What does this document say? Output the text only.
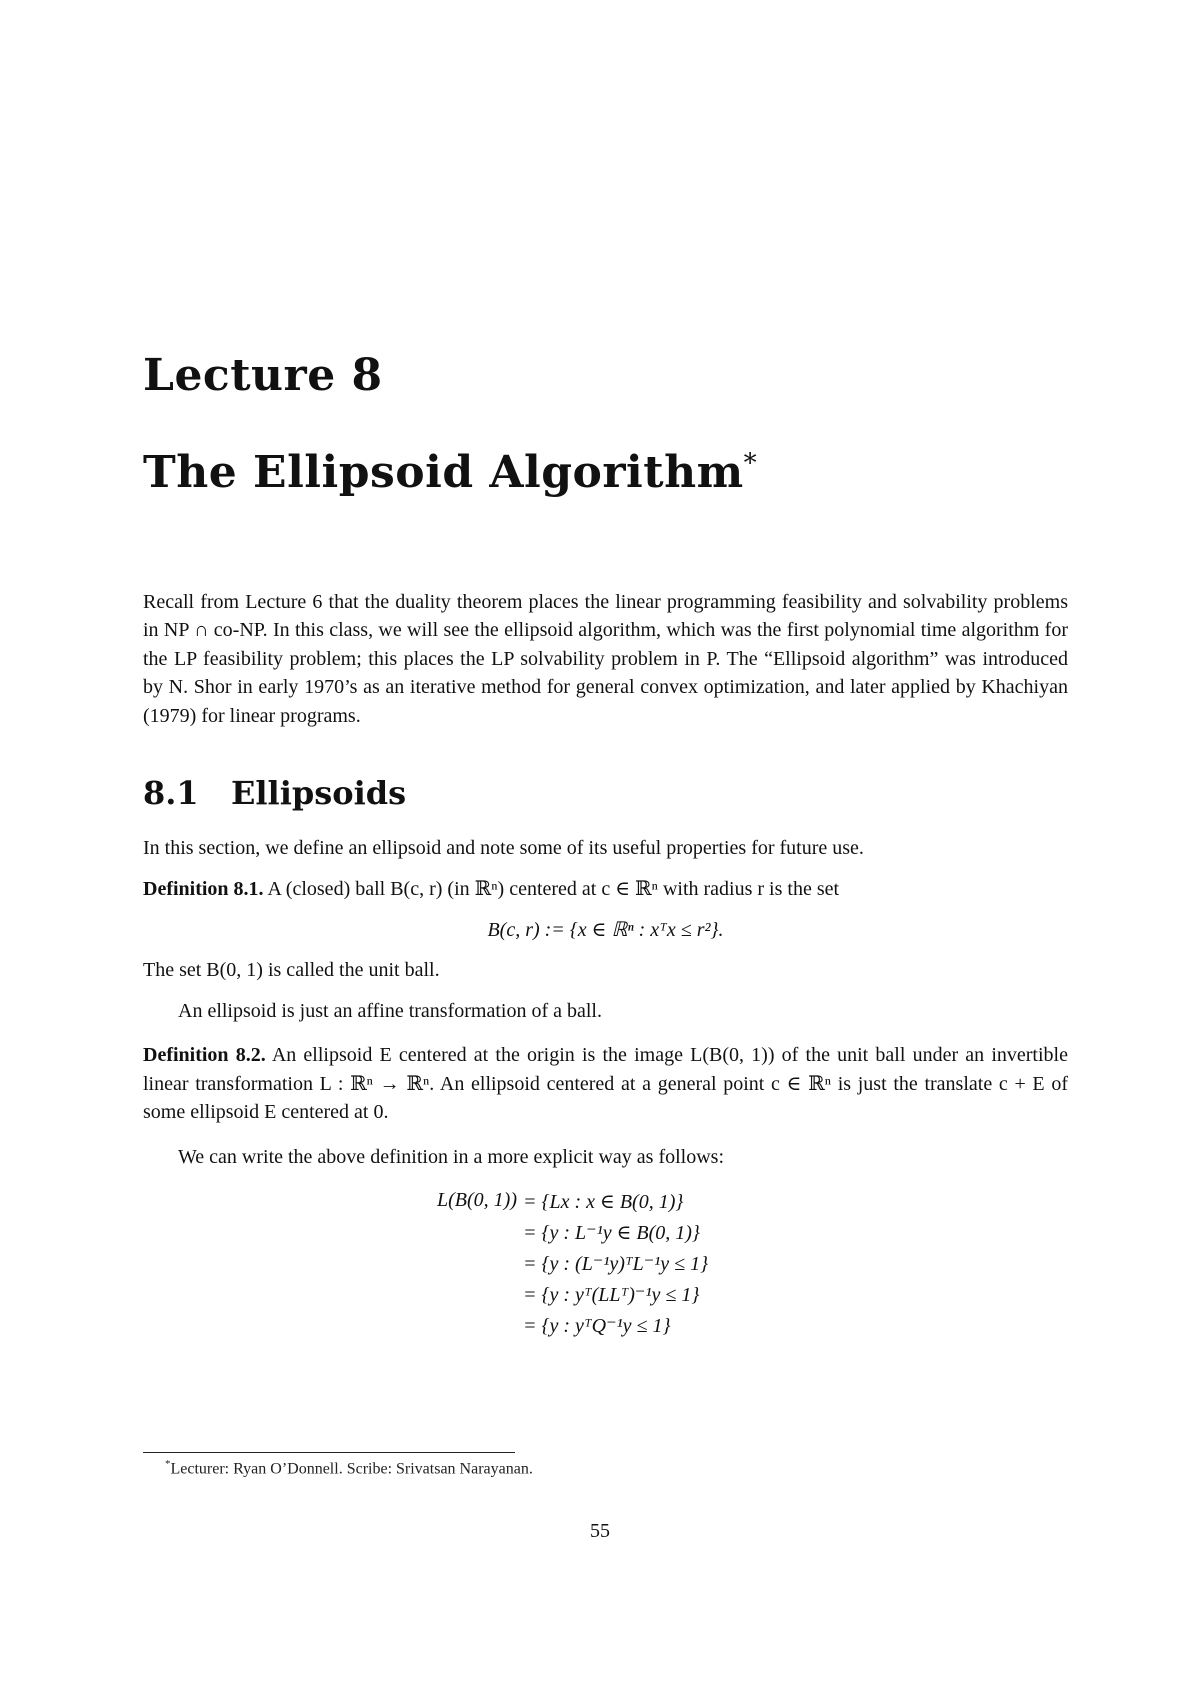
Lecture 8
The Ellipsoid Algorithm*

Recall from Lecture 6 that the duality theorem places the linear programming feasibility and solvability problems in NP ∩ co-NP. In this class, we will see the ellipsoid algorithm, which was the first polynomial time algorithm for the LP feasibility problem; this places the LP solvability problem in P. The “Ellipsoid algorithm” was introduced by N. Shor in early 1970’s as an iterative method for general convex optimization, and later applied by Khachiyan (1979) for linear programs.

8.1 Ellipsoids

In this section, we define an ellipsoid and note some of its useful properties for future use.

Definition 8.1. A (closed) ball B(c, r) (in ℝⁿ) centered at c ∈ ℝⁿ with radius r is the set

B(c, r) := {x ∈ ℝⁿ : xᵀx ≤ r²}.

The set B(0, 1) is called the unit ball.

An ellipsoid is just an affine transformation of a ball.

Definition 8.2. An ellipsoid E centered at the origin is the image L(B(0, 1)) of the unit ball under an invertible linear transformation L : ℝⁿ → ℝⁿ. An ellipsoid centered at a general point c ∈ ℝⁿ is just the translate c + E of some ellipsoid E centered at 0.

We can write the above definition in a more explicit way as follows:

L(B(0, 1)) = {Lx : x ∈ B(0, 1)}
= {y : L⁻¹y ∈ B(0, 1)}
= {y : (L⁻¹y)ᵀL⁻¹y ≤ 1}
= {y : yᵀ(LLᵀ)⁻¹y ≤ 1}
= {y : yᵀQ⁻¹y ≤ 1}
*Lecturer: Ryan O’Donnell. Scribe: Srivatsan Narayanan.
55
